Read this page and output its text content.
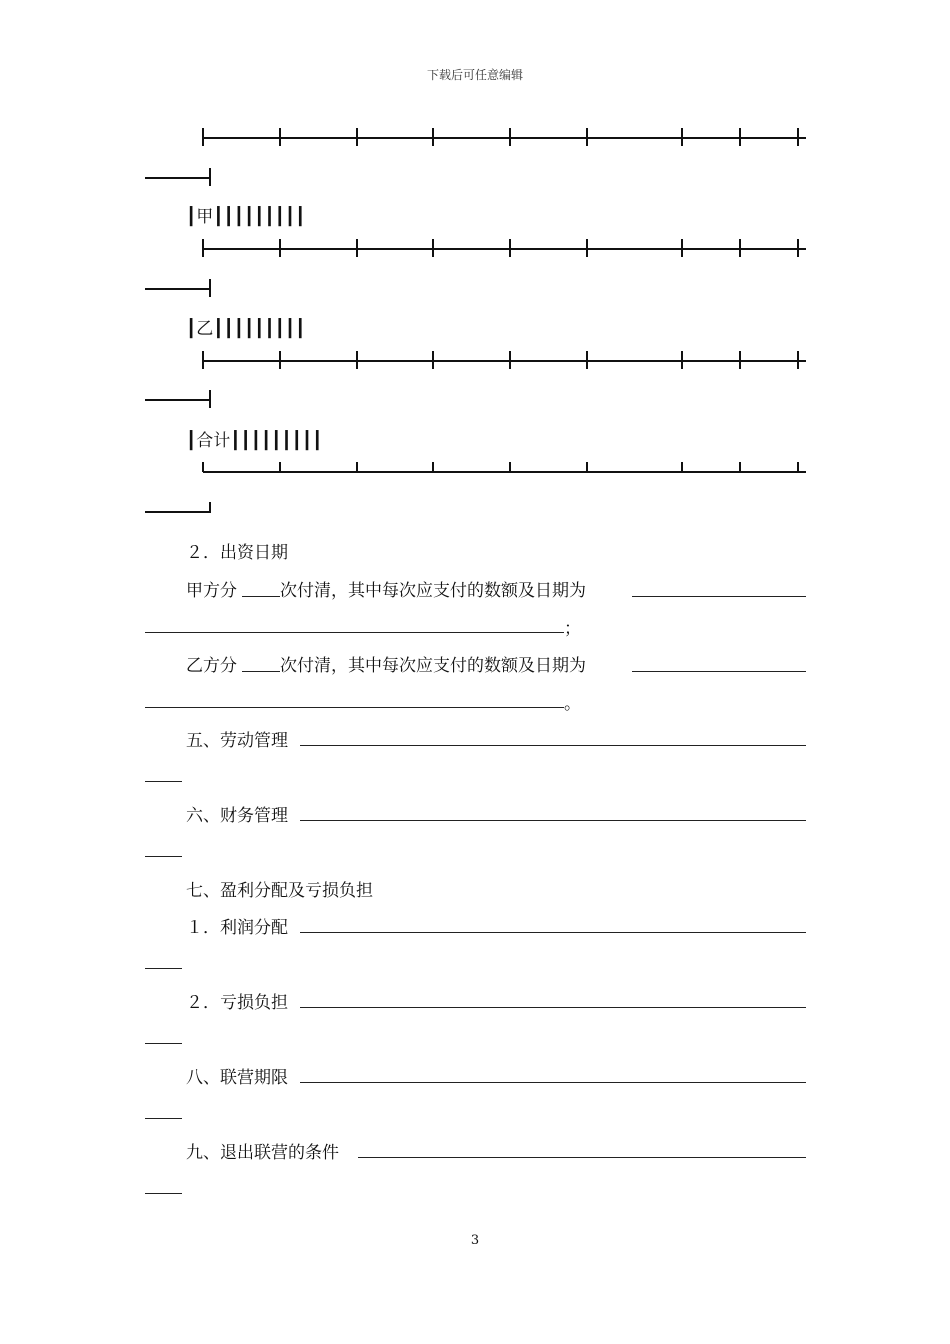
下载后可任意编辑
┃甲┃┃┃┃┃┃┃┃┃
┃乙┃┃┃┃┃┃┃┃┃
┃合计┃┃┃┃┃┃┃┃┃
２．出资日期
甲方分	次付清，其中每次应支付的数额及日期为
；
乙方分	次付清，其中每次应支付的数额及日期为
。
五、劳动管理
六、财务管理
七、盈利分配及亏损负担
１．利润分配
２．亏损负担
八、联营期限
九、退出联营的条件
3
